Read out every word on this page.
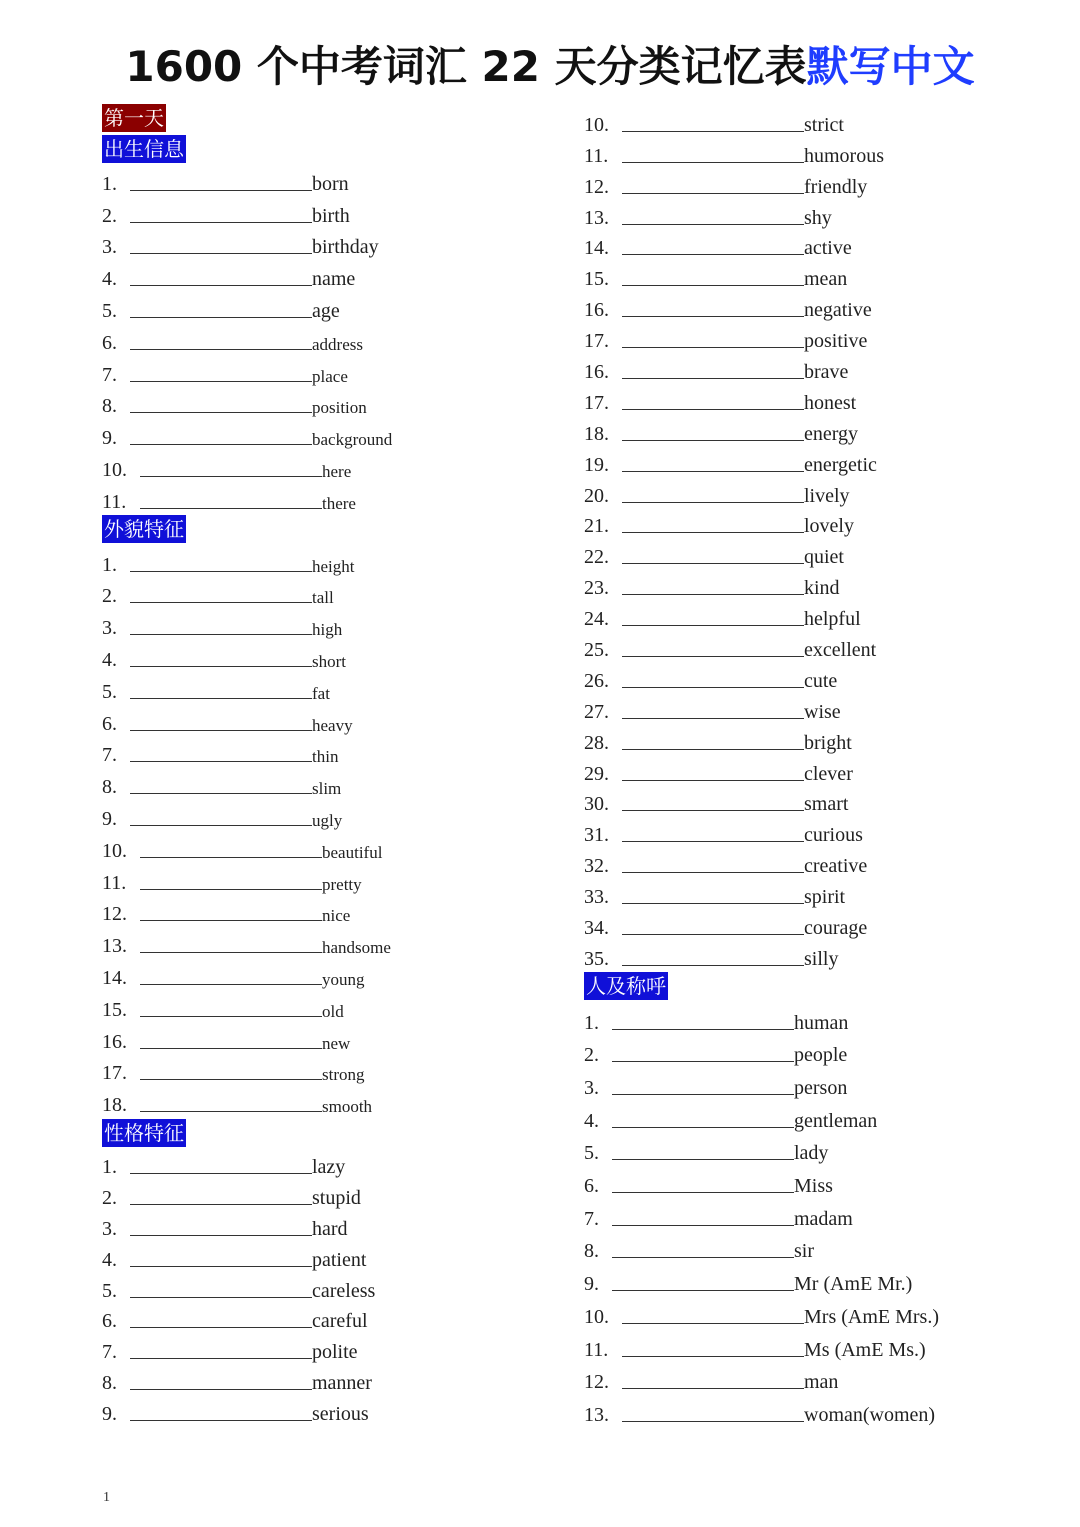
1600 个中考词汇 22 天分类记忆表默写中文
第一天
出生信息
1.	born
2.	birth
3.	birthday
4.	name
5.	age
6.	address
7.	place
8.	position
9.	background
10.	here
11.	there
外貌特征
1.	height
2.	tall
3.	high
4.	short
5.	fat
6.	heavy
7.	thin
8.	slim
9.	ugly
10.	beautiful
11.	pretty
12.	nice
13.	handsome
14.	young
15.	old
16.	new
17.	strong
18.	smooth
性格特征
1.	lazy
2.	stupid
3.	hard
4.	patient
5.	careless
6.	careful
7.	polite
8.	manner
9.	serious
10.	strict
11.	humorous
12.	friendly
13.	shy
14.	active
15.	mean
16.	negative
17.	positive
16.	brave
17.	honest
18.	energy
19.	energetic
20.	lively
21.	lovely
22.	quiet
23.	kind
24.	helpful
25.	excellent
26.	cute
27.	wise
28.	bright
29.	clever
30.	smart
31.	curious
32.	creative
33.	spirit
34.	courage
35.	silly
人及称呼
1.	human
2.	people
3.	person
4.	gentleman
5.	lady
6.	Miss
7.	madam
8.	sir
9.	Mr (AmE Mr.)
10.	Mrs (AmE Mrs.)
11.	Ms (AmE Ms.)
12.	man
13.	woman(women)
1
